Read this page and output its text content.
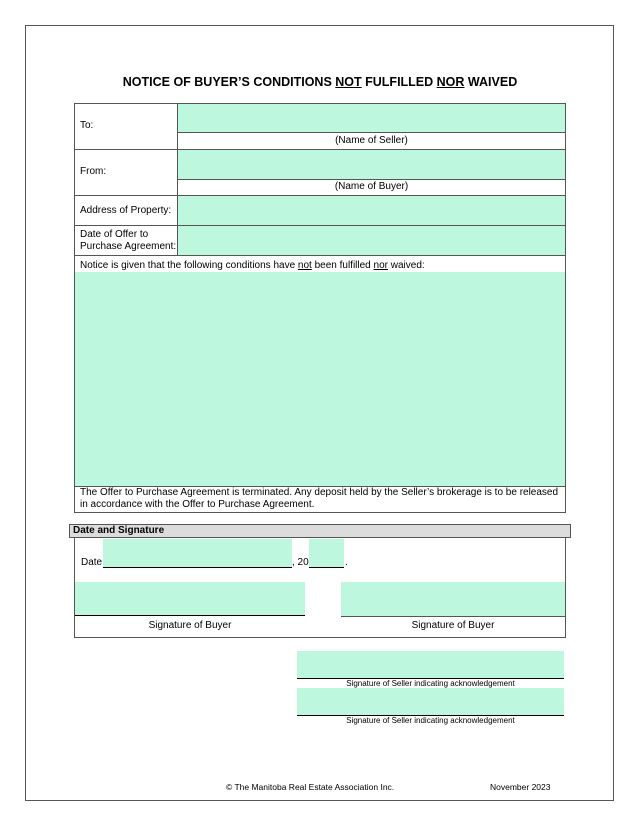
NOTICE OF BUYER’S CONDITIONS NOT FULFILLED NOR WAIVED
To:
(Name of Seller)
From:
(Name of Buyer)
Address of Property:
Date of Offer to
Purchase Agreement:
Notice is given that the following conditions have not been fulfilled nor waived:
The Offer to Purchase Agreement is terminated. Any deposit held by the Seller’s brokerage is to be released in accordance with the Offer to Purchase Agreement.
Date and Signature
Date	, 20	.
Signature of Buyer	Signature of Buyer
Signature of Seller indicating acknowledgement
Signature of Seller indicating acknowledgement
© The Manitoba Real Estate Association Inc.	November 2023
